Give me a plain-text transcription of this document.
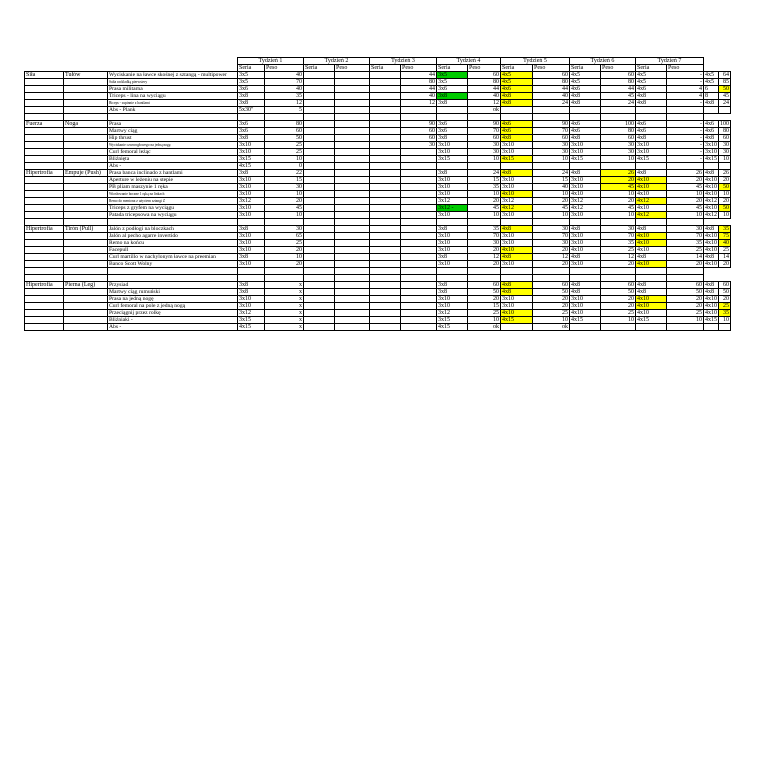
			Tydzień 1		Tydzień 2		Tydzień 3		Tydzień 4		Tydzień 5		Tydzień 6		Tydzień 7			
			Seria	Peso	Seria	Peso	Seria	Peso	Seria	Peso	Seria	Peso	Seria	Peso	Seria	Peso		
Siła	Tułów	Wyciskanie na ławce skośnej z sztangą - multipower	3x5	40				44	3x5	60	4x5	60	4x5	60	4x5	-	4x5	64
		Salta rackladką pierwsiery	3x5	70				80	3x5	80	4x5	80	4x5	80	4x5	-	4x5	85
		Prasa militarna	3x6	40				44	3x6	44	4x6	44	4x6	44	4x6	4	6	50
		Triceps - lina na wyciągu	3x8	35				40	3x8	40	4x8	40	4x8	45	4x8	4	8	45
		Biceps - supinnie z hantlami	3x8	12				12	3x8	12	4x8	24	4x8	24	4x8	-	4x8	24
		Abs - Plank	5x30"	5						ok								

Fuerza	Noga	Prasa	3x6	80				90	3x6	90	4x6	90	4x6	100	4x6	-	4x6	100
		Martwy ciąg	3x6	60				60	3x6	70	4x6	70	4x6	80	4x6	-	4x6	80
		Hip thrust	3x8	50				60	3x8	60	4x8	60	4x8	60	4x8	-	4x8	60
		Wyciskanie czworogłowego na jedną nogę	3x10	25				30	3x10	30	3x10	30	3x10	30	3x10	-	3x10	30
		Curl femoral leżąc	3x10	25					3x10	30	3x10	30	3x10	30	3x10	-	3x10	30
		Bliźnięta	3x15	10					3x15	10	4x15	10	4x15	10	4x15	-	4x15	10
		Abs -	4x15	0														
Hipertrofia	Empuje (Push)	Prasa banca inclinado z hantlami	3x8	22					3x8	24	4x8	24	4x8	26	4x8	26	4x8	26
		Aperture w leżeniu na stepie	3x10	15					3x10	15	3x10	15	3x10	20	4x10	20	4x10	20
		PB pliam maszynie 1 ręka	3x10	30					3x10	35	3x10	40	3x10	45	4x10	45	4x10	50
		Wiosłowanie boczne 1 ręką na linkach	3x10	10					3x10	10	4x10	10	4x10	10	4x10	10	4x10	10
		Remo do mentona z użyciem sztangi Z	3x12	20					3x12	20	3x12	20	3x12	20	4x12	20	4x12	20
		Triceps z gryfem na wyciągu	3x10	45					3x12 -	45	4x12	45	4x12	45	4x10	45	4x10	50
		Patada tricepsowa na wyciągu	3x10	10					3x10	10	3x10	10	3x10	10	4x12	10	4x12	10

Hipertrofia	Tirón (Pull)	Jalón z podłogi na bloczkach	3x8	30					3x8	35	4x8	30	4x8	30	4x8	30	4x8	35
		Jalón al pecho agarre invertido	3x10	65					3x10	70	3x10	70	3x10	70	4x10	70	4x10	75
		Remo na końcu	3x10	25					3x10	30	3x10	30	3x10	35	4x10	35	4x10	40
		Facepull	3x10	20					3x10	20	4x10	20	4x10	25	4x10	25	4x10	25
		Curl martillo w nachylonym ławce na preemian	3x8	10					3x8	12	4x8	12	4x8	12	4x8	14	4x8	14
		Banco Scott Wolny	3x10	20					3x10	20	3x10	20	3x10	20	4x10	20	4x10	20

Hipertrofia	Pierna (Leg)	Przysiad	3x8	x					3x8	60	4x8	60	4x8	60	4x8	60	4x8	60
		Martwy ciąg rumuński	3x8	x					3x8	50	4x8	50	4x8	50	4x8	50	4x8	50
		Prasa na jedną nogę	3x10	x					3x10	20	3x10	20	3x10	20	4x10	20	4x10	20
		Curl femoral na pole z jedną nogą	3x10	x					3x10	15	3x10	20	3x10	20	4x10	20	4x10	25
		Przeciągnij przez rolkę	3x12	x					3x12	25	4x10	25	4x10	25	4x10	25	4x10	35
		Bliźniaki -	3x15	x					3x15	10	4x15	10	4x15	10	4x15	10	4x15	10
		Abs -	4x15	x					4x15	ok		ok						
